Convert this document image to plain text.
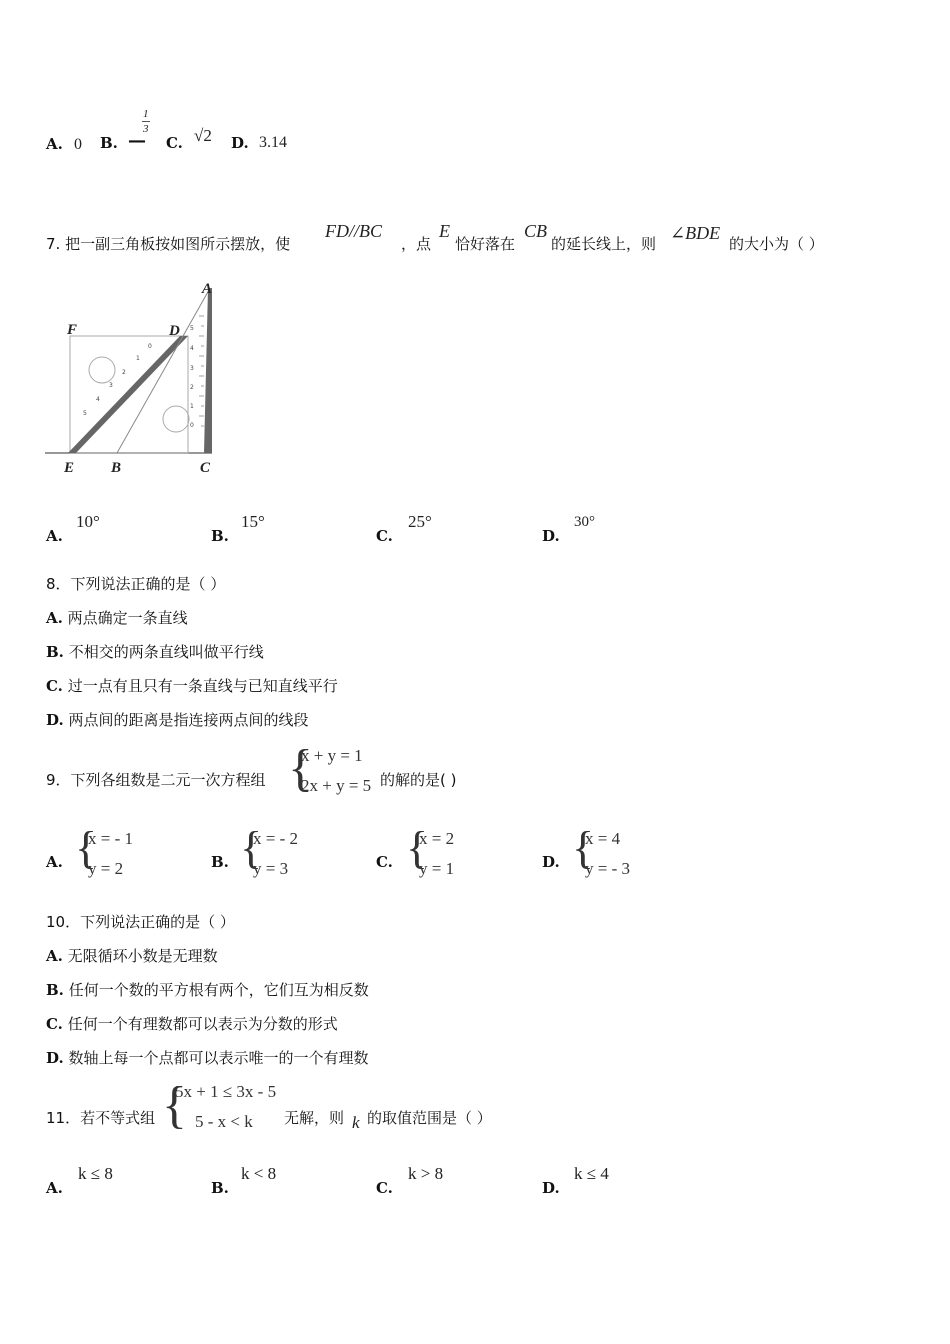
A. 0 B. —
1
3
C. √2 D. 3.14
7. 把一副三角板按如图所示摆放，使
FD//BC
，点
E
恰好落在
CB
的延长线上，则
∠BDE
的大小为（ ）
0
1
2
3
4
5
5
4
3
2
1
0
A
F	D
E B	C
A.
10°
B.
15°
C.
25°
D.
30°
8．下列说法正确的是（ ）
A. 两点确定一条直线
B. 不相交的两条直线叫做平行线
C. 过一点有且只有一条直线与已知直线平行
D. 两点间的距离是指连接两点间的线段
9．下列各组数是二元一次方程组 {
x + y = 1
2x + y = 5 的解的是( )
A. {
x = - 1
y = 2	B. {
x = - 2
y = 3	C. {
x = 2
y = 1	D. {
x = 4
y = - 3
10．下列说法正确的是（ ）
A. 无限循环小数是无理数
B. 任何一个数的平方根有两个，它们互为相反数
C. 任何一个有理数都可以表示为分数的形式
D. 数轴上每一个点都可以表示唯一的一个有理数
11．若不等式组 {
5x + 1 ≤ 3x - 5
5 - x < k	无解，则 k 的取值范围是（ ）
A.
k ≤ 8
B.
k < 8
C.
k > 8
D.
k ≤ 4
